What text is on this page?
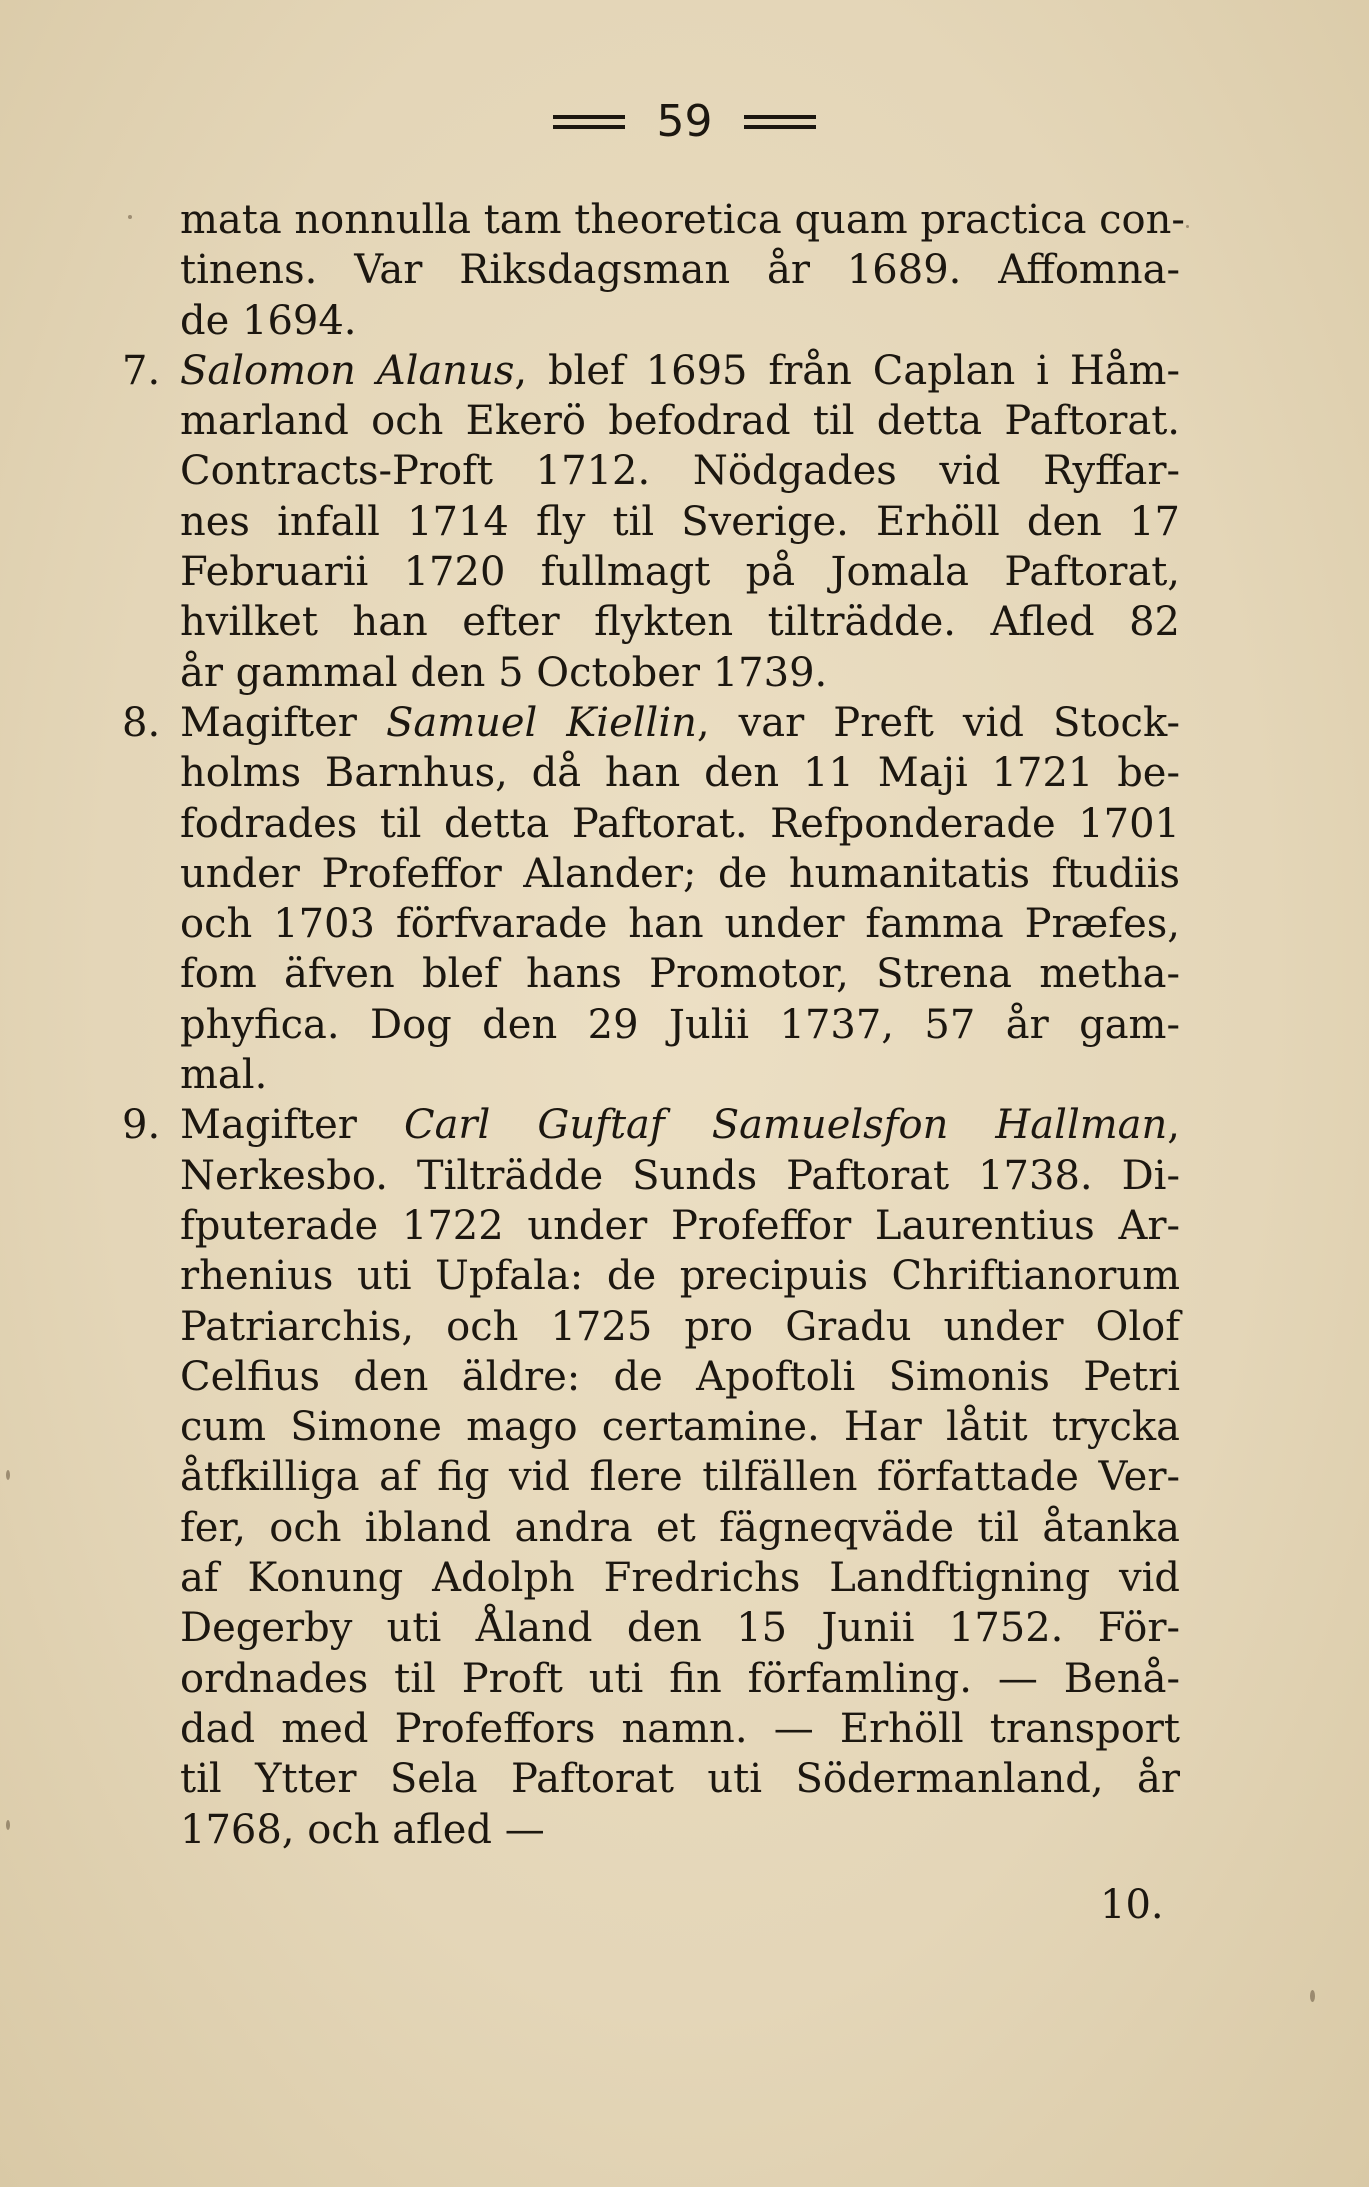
59
mata nonnulla tam theoretica quam practica con-
tinens. Var Riksdagsman år 1689. Affomna-
de 1694.
7. Salomon Alanus, blef 1695 från Caplan i Håm-
marland och Ekerö befodrad til detta Paftorat.
Contracts-Proft 1712. Nödgades vid Ryffar-
nes infall 1714 fly til Sverige. Erhöll den 17
Februarii 1720 fullmagt på Jomala Paftorat,
hvilket han efter flykten tilträdde. Afled 82
år gammal den 5 October 1739.
8. Magifter Samuel Kiellin, var Preft vid Stock-
holms Barnhus, då han den 11 Maji 1721 be-
fodrades til detta Paftorat. Refponderade 1701
under Profeffor Alander; de humanitatis ftudiis
och 1703 förfvarade han under famma Præfes,
fom äfven blef hans Promotor, Strena metha-
phyfica. Dog den 29 Julii 1737, 57 år gam-
mal.
9. Magifter Carl Guftaf Samuelsfon Hallman,
Nerkesbo. Tilträdde Sunds Paftorat 1738. Di-
fputerade 1722 under Profeffor Laurentius Ar-
rhenius uti Upfala: de precipuis Chriftianorum
Patriarchis, och 1725 pro Gradu under Olof
Celfius den äldre: de Apoftoli Simonis Petri
cum Simone mago certamine. Har låtit trycka
åtfkilliga af fig vid flere tilfällen författade Ver-
fer, och ibland andra et fägneqväde til åtanka
af Konung Adolph Fredrichs Landftigning vid
Degerby uti Åland den 15 Junii 1752. För-
ordnades til Proft uti fin förfamling. — Benå-
dad med Profeffors namn. — Erhöll transport
til Ytter Sela Paftorat uti Södermanland, år
1768, och afled —
10.
